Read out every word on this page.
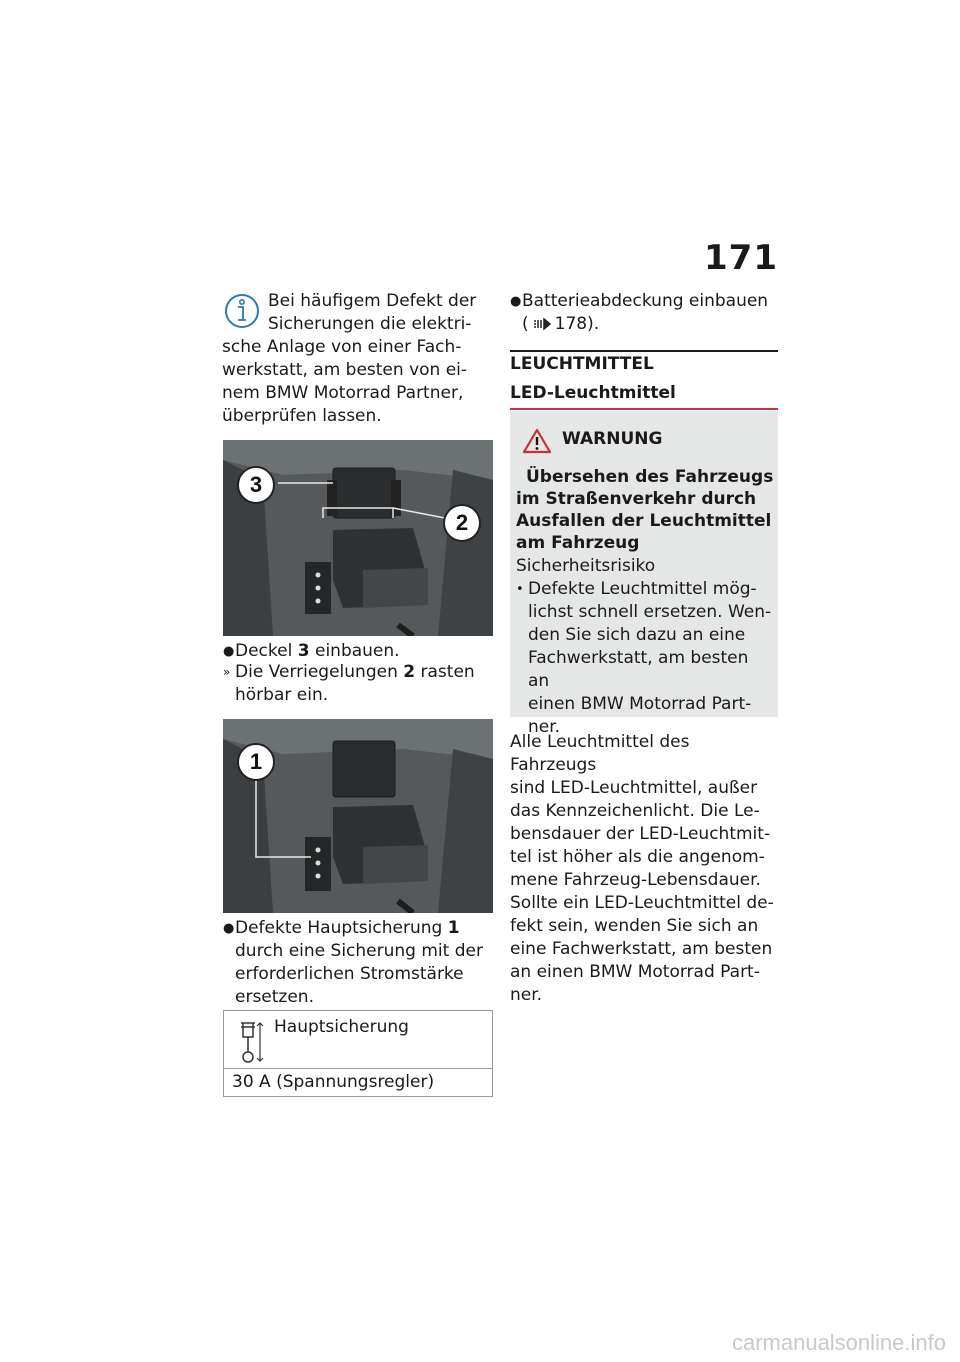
171
Bei häufigem Defekt der
Sicherungen die elektri-
sche Anlage von einer Fach-
werkstatt, am besten von ei-
nem BMW Motorrad Partner,
überprüfen lassen.
3
2
● Deckel 3 einbauen.
» Die Verriegelungen 2 rasten
hörbar ein.
1
● Defekte Hauptsicherung 1 durch eine Sicherung mit der
erforderlichen Stromstärke
ersetzen.
Hauptsicherung
30 A (Spannungsregler)
● Batterieabdeckung einbauen
( 178).
LEUCHTMITTEL
LED-Leuchtmittel
WARNUNG
Übersehen des Fahrzeugs
im Straßenverkehr durch
Ausfallen der Leuchtmittel
am Fahrzeug
Sicherheitsrisiko
• Defekte Leuchtmittel mög-
lichst schnell ersetzen. Wen-
den Sie sich dazu an eine
Fachwerkstatt, am besten an
einen BMW Motorrad Part-
ner.
Alle Leuchtmittel des Fahrzeugs
sind LED-Leuchtmittel, außer
das Kennzeichenlicht. Die Le-
bensdauer der LED-Leuchtmit-
tel ist höher als die angenom-
mene Fahrzeug-Lebensdauer.
Sollte ein LED-Leuchtmittel de-
fekt sein, wenden Sie sich an
eine Fachwerkstatt, am besten
an einen BMW Motorrad Part-
ner.
carmanualsonline.info
